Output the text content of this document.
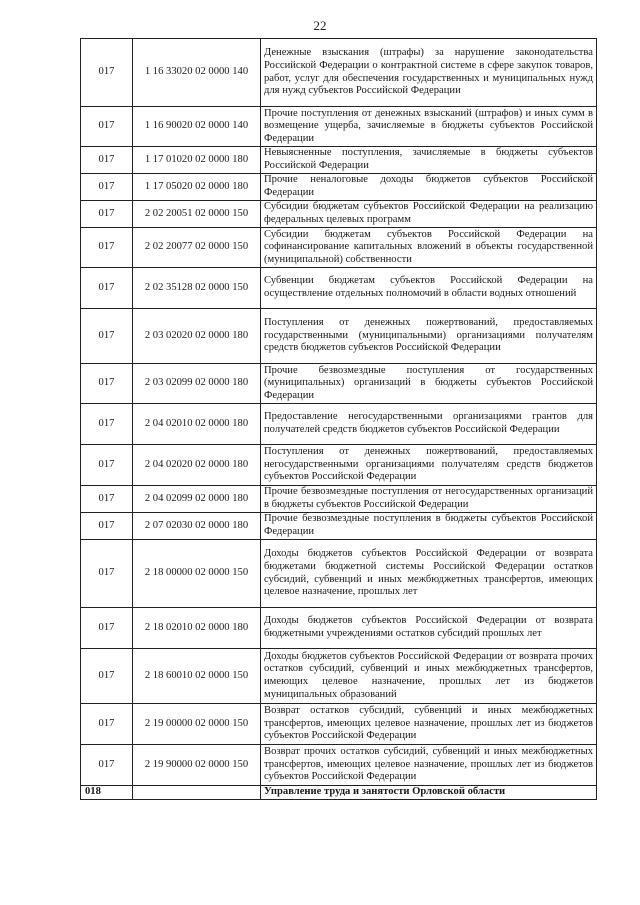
22
017	1 16 33020 02 0000 140	Денежные взыскания (штрафы) за нарушение законодательства Российской Федерации о контрактной системе в сфере закупок товаров, работ, услуг для обеспечения государственных и муниципальных нужд для нужд субъектов Российской Федерации
017	1 16 90020 02 0000 140	Прочие поступления от денежных взысканий (штрафов) и иных сумм в возмещение ущерба, зачисляемые в бюджеты субъектов Российской Федерации
017	1 17 01020 02 0000 180	Невыясненные поступления, зачисляемые в бюджеты субъектов Российской Федерации
017	1 17 05020 02 0000 180	Прочие неналоговые доходы бюджетов субъектов Российской Федерации
017	2 02 20051 02 0000 150	Субсидии бюджетам субъектов Российской Федерации на реализацию федеральных целевых программ
017	2 02 20077 02 0000 150	Субсидии бюджетам субъектов Российской Федерации на софинансирование капитальных вложений в объекты государственной (муниципальной) собственности
017	2 02 35128 02 0000 150	Субвенции бюджетам субъектов Российской Федерации на осуществление отдельных полномочий в области водных отношений
017	2 03 02020 02 0000 180	Поступления от денежных пожертвований, предоставляемых государственными (муниципальными) организациями получателям средств бюджетов субъектов Российской Федерации
017	2 03 02099 02 0000 180	Прочие безвозмездные поступления от государственных (муниципальных) организаций в бюджеты субъектов Российской Федерации
017	2 04 02010 02 0000 180	Предоставление негосударственными организациями грантов для получателей средств бюджетов субъектов Российской Федерации
017	2 04 02020 02 0000 180	Поступления от денежных пожертвований, предоставляемых негосударственными организациями получателям средств бюджетов субъектов Российской Федерации
017	2 04 02099 02 0000 180	Прочие безвозмездные поступления от негосударственных организаций в бюджеты субъектов Российской Федерации
017	2 07 02030 02 0000 180	Прочие безвозмездные поступления в бюджеты субъектов Российской Федерации
017	2 18 00000 02 0000 150	Доходы бюджетов субъектов Российской Федерации от возврата бюджетами бюджетной системы Российской Федерации остатков субсидий, субвенций и иных межбюджетных трансфертов, имеющих целевое назначение, прошлых лет
017	2 18 02010 02 0000 180	Доходы бюджетов субъектов Российской Федерации от возврата бюджетными учреждениями остатков субсидий прошлых лет
017	2 18 60010 02 0000 150	Доходы бюджетов субъектов Российской Федерации от возврата прочих остатков субсидий, субвенций и иных межбюджетных трансфертов, имеющих целевое назначение, прошлых лет из бюджетов муниципальных образований
017	2 19 00000 02 0000 150	Возврат остатков субсидий, субвенций и иных межбюджетных трансфертов, имеющих целевое назначение, прошлых лет из бюджетов субъектов Российской Федерации
017	2 19 90000 02 0000 150	Возврат прочих остатков субсидий, субвенций и иных межбюджетных трансфертов, имеющих целевое назначение, прошлых лет из бюджетов субъектов Российской Федерации
018		Управление труда и занятости Орловской области
